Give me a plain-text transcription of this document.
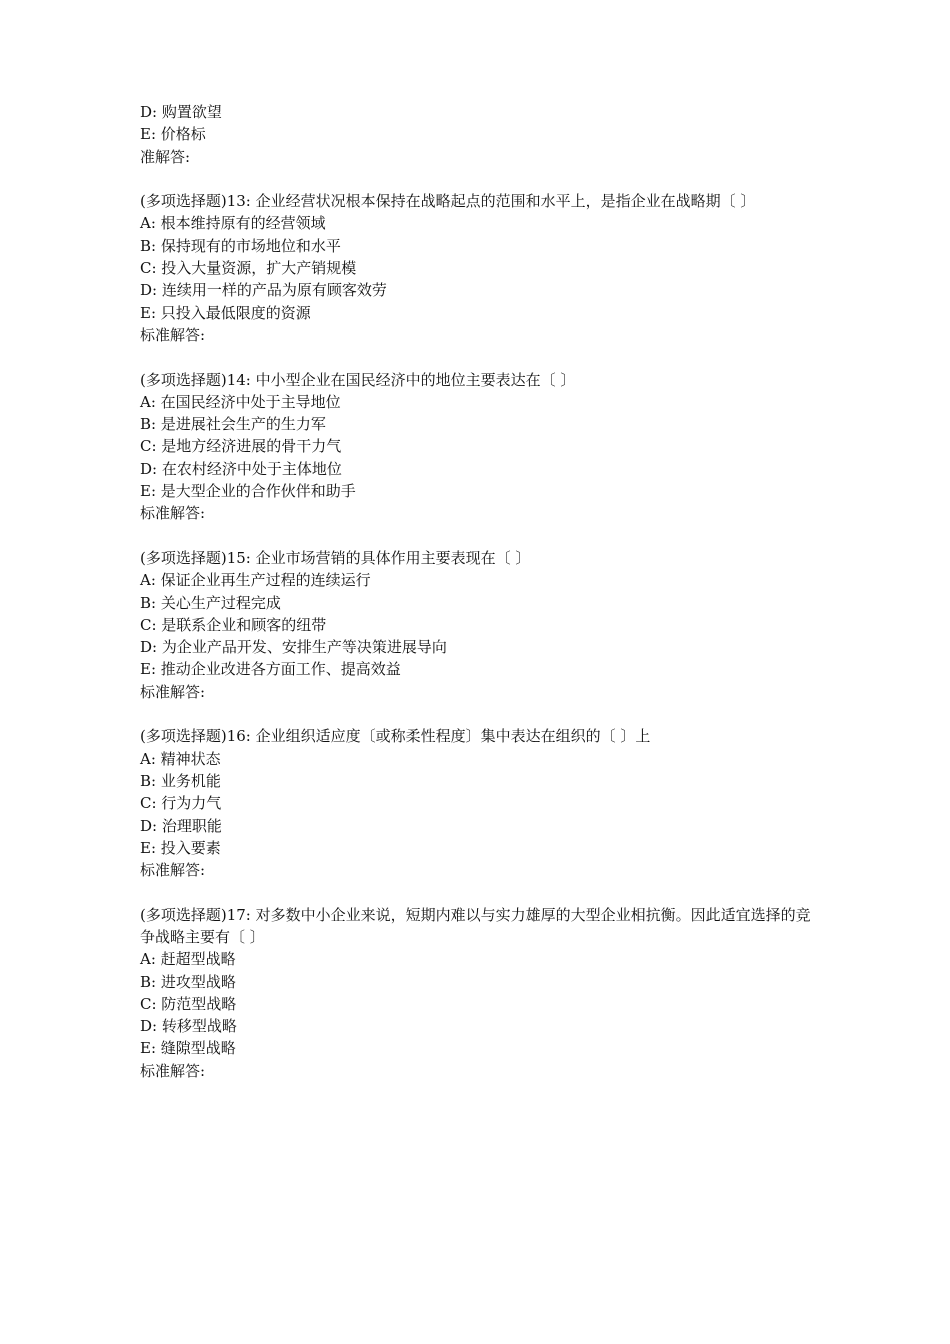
D: 购置欲望
E: 价格标
准解答:
(多项选择题)13: 企业经营状况根本保持在战略起点的范围和水平上，是指企业在战略期〔 〕
A: 根本维持原有的经营领域
B: 保持现有的市场地位和水平
C: 投入大量资源，扩大产销规模
D: 连续用一样的产品为原有顾客效劳
E: 只投入最低限度的资源
标准解答:
(多项选择题)14: 中小型企业在国民经济中的地位主要表达在〔 〕
A: 在国民经济中处于主导地位
B: 是进展社会生产的生力军
C: 是地方经济进展的骨干力气
D: 在农村经济中处于主体地位
E: 是大型企业的合作伙伴和助手
标准解答:
(多项选择题)15: 企业市场营销的具体作用主要表现在〔 〕
A: 保证企业再生产过程的连续运行
B: 关心生产过程完成
C: 是联系企业和顾客的纽带
D: 为企业产品开发、安排生产等决策进展导向
E: 推动企业改进各方面工作、提高效益
标准解答:
(多项选择题)16: 企业组织适应度〔或称柔性程度〕集中表达在组织的〔 〕上
A: 精神状态
B: 业务机能
C: 行为力气
D: 治理职能
E: 投入要素
标准解答:
(多项选择题)17: 对多数中小企业来说，短期内难以与实力雄厚的大型企业相抗衡。因此适宜选择的竞争战略主要有〔 〕
A: 赶超型战略
B: 进攻型战略
C: 防范型战略
D: 转移型战略
E: 缝隙型战略
标准解答:
